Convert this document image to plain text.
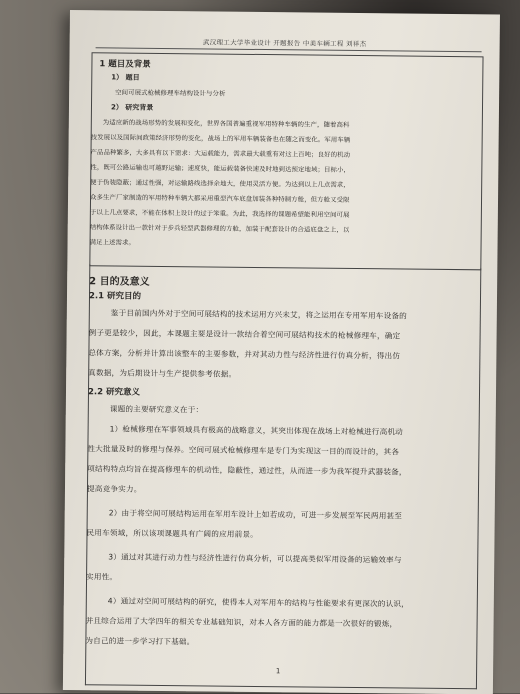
武汉理工大学毕业设计 开题报告 中美车辆工程 刘祥杰
1 题目及背景
1） 题目
空间可展式枪械修理车结构设计与分析
2） 研究背景
为适应新的战场形势的发展和变化，世界各国普遍重视军用特种车辆的生产，随着高科
技发展以及国际间政策经济形势的变化，战场上的军用车辆装备也在随之而变化。军用车辆
产品品种繁多，大多具有以下需求：大运载能力，需求最大载重有对这上百吨；良好的机动
性，既可公路运输也可越野运输；速度快，能运载装备快速及时地到达预定地域；目标小，
便于伪装隐蔽；通过性强，对运输路线选择余地大，使用灵活方便。为达到以上几点需求，
众多生产厂家制造的军用特种车辆大都采用重型汽车底盘加装各种特制方舱，但方舱又受限
于以上几点要求，不能在体积上设计的过于笨重。为此，我选择的课题希望能利用空间可展
结构体系设计出一款针对于步兵轻型武器修理的方舱，加装于配套设计的合适底盘之上，以
满足上述需求。
2 目的及意义
2.1 研究目的
鉴于目前国内外对于空间可展结构的技术运用方兴未艾，将之运用在专用军用车设备的
例子更是较少，因此，本课题主要是设计一款结合着空间可展结构技术的枪械修理车，确定
总体方案，分析并计算出该整车的主要参数，并对其动力性与经济性进行仿真分析，得出仿
真数据，为后期设计与生产提供参考依据。
2.2 研究意义
课题的主要研究意义在于：
1）枪械修理在军事领域具有极高的战略意义，其突出体现在战场上对枪械进行高机动
性大批量及时的修理与保养。空间可展式枪械修理车是专门为实现这一目的而设计的，其各
项结构特点均旨在提高修理车的机动性，隐蔽性，通过性，从而进一步为我军提升武器装备，
提高竞争实力。
2）由于将空间可展结构运用在军用车设计上如若成功，可进一步发展至军民两用甚至
民用车领域，所以该项课题具有广阔的应用前景。
3）通过对其进行动力性与经济性进行仿真分析，可以提高类似军用设备的运输效率与
实用性。
4）通过对空间可展结构的研究，使得本人对军用车的结构与性能要求有更深次的认识，
并且综合运用了大学四年的相关专业基础知识，对本人各方面的能力都是一次很好的锻炼，
为自己的进一步学习打下基础。
1
